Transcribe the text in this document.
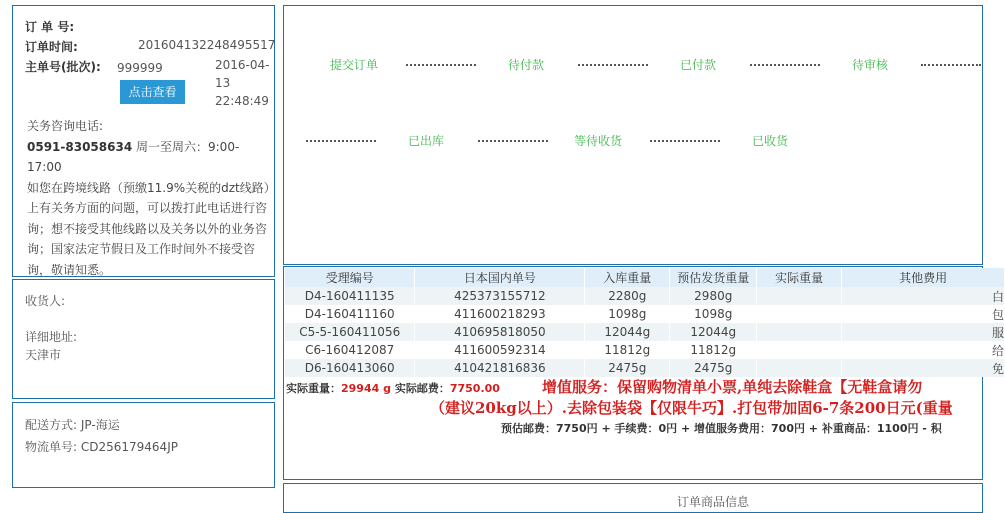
订 单 号:
订单时间:	201604132248495517
主单号(批次): 999999	2016-04-
13
22:48:49
点击查看
关务咨询电话:
0591-83058634 周一至周六：9:00-17:00
如您在跨境线路（预缴11.9%关税的dzt线路）上有关务方面的问题，可以拨打此电话进行咨询；想不接受其他线路以及关务以外的业务咨询；国家法定节假日及工作时间外不接受咨询，敬请知悉。
收货人:
详细地址:
天津市
配送方式: JP-海运
物流单号: CD256179464JP
提交订单	待付款	已付款	待审核
已出库	等待收货	已收货
受理编号	日本国内单号	入库重量	预估发货重量	实际重量	其他费用
D4-160411135	425373155712	2280g	2980g		白
D4-160411160	411600218293	1098g	1098g		包
C5-5-160411056	410695818050	12044g	12044g		服
C6-160412087	411600592314	11812g	11812g		给
D6-160413060	410421816836	2475g	2475g		免
实际重量：29944 g 实际邮费：7750.00	增值服务：保留购物清单小票,单纯去除鞋盒【无鞋盒请勿
（建议20kg以上）.去除包装袋【仅限牛巧】.打包带加固6-7条200日元(重量
预估邮费：7750円 + 手续费：0円 + 增值服务费用：700円 + 补重商品：1100円 - 积
订单商品信息
